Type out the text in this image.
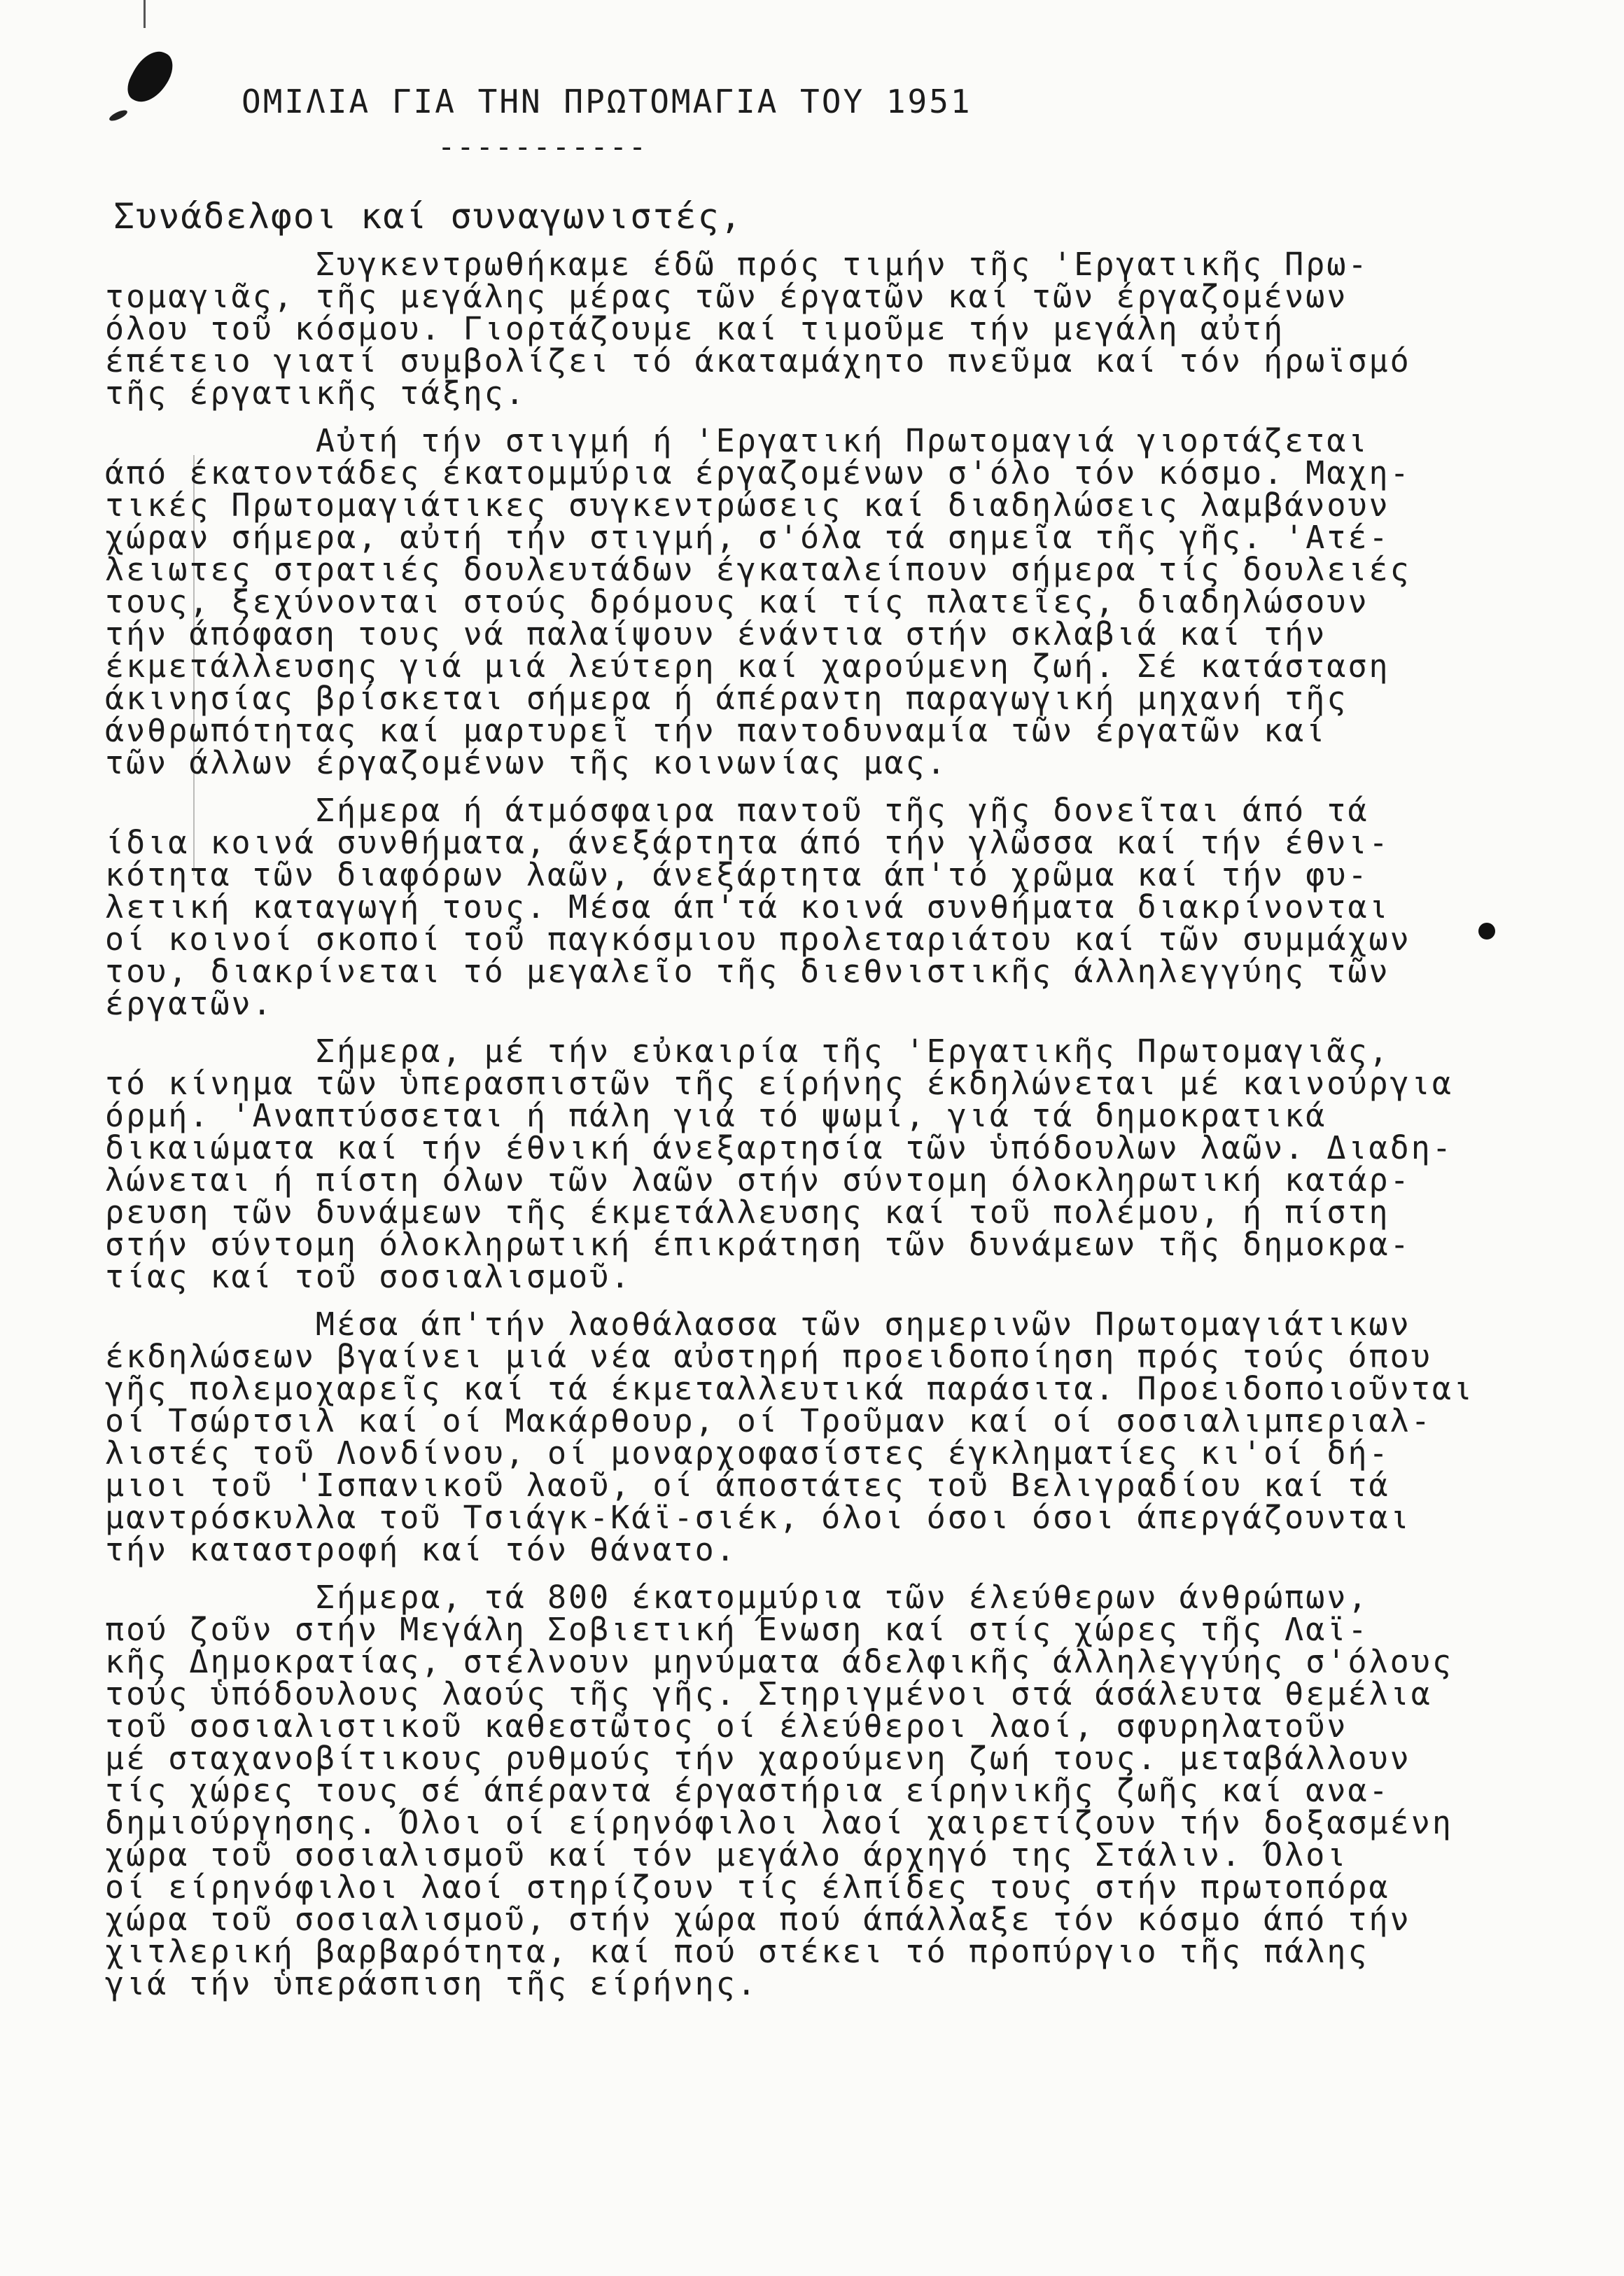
ΟΜΙΛΙΑ ΓΙΑ ΤΗΝ ΠΡΩΤΟΜΑΓΙΑ ΤΟΥ 1951
-----------
Συνάδελφοι καί συναγωνιστές,
Συγκεντρωθήκαμε έδῶ πρός τιμήν τῆς 'Εργατικῆς Πρω-
τομαγιᾶς, τῆς μεγάλης μέρας τῶν έργατῶν καί τῶν έργαζομένων
όλου τοῦ κόσμου. Γιορτάζουμε καί τιμοῦμε τήν μεγάλη αὐτή
έπέτειο γιατί συμβολίζει τό άκαταμάχητο πνεῦμα καί τόν ήρωϊσμό
τῆς έργατικῆς τάξης.
Αὐτή τήν στιγμή ή 'Εργατική Πρωτομαγιά γιορτάζεται
άπό έκατοντάδες έκατομμύρια έργαζομένων σ'όλο τόν κόσμο. Μαχη-
τικές Πρωτομαγιάτικες συγκεντρώσεις καί διαδηλώσεις λαμβάνουν
χώραν σήμερα, αὐτή τήν στιγμή, σ'όλα τά σημεῖα τῆς γῆς. 'Ατέ-
λειωτες στρατιές δουλευτάδων έγκαταλείπουν σήμερα τίς δουλειές
τους, ξεχύνονται στούς δρόμους καί τίς πλατεῖες, διαδηλώσουν
τήν άπόφαση τους νά παλαίψουν ένάντια στήν σκλαβιά καί τήν
έκμετάλλευσης γιά μιά λεύτερη καί χαρούμενη ζωή. Σέ κατάσταση
άκινησίας βρίσκεται σήμερα ή άπέραντη παραγωγική μηχανή τῆς
άνθρωπότητας καί μαρτυρεῖ τήν παντοδυναμία τῶν έργατῶν καί
τῶν άλλων έργαζομένων τῆς κοινωνίας μας.
Σήμερα ή άτμόσφαιρα παντοῦ τῆς γῆς δονεῖται άπό τά
ίδια κοινά συνθήματα, άνεξάρτητα άπό τήν γλῶσσα καί τήν έθνι-
κότητα τῶν διαφόρων λαῶν, άνεξάρτητα άπ'τό χρῶμα καί τήν φυ-
λετική καταγωγή τους. Μέσα άπ'τά κοινά συνθήματα διακρίνονται
οί κοινοί σκοποί τοῦ παγκόσμιου προλεταριάτου καί τῶν συμμάχων
του, διακρίνεται τό μεγαλεῖο τῆς διεθνιστικῆς άλληλεγγύης τῶν
έργατῶν.
Σήμερα, μέ τήν εὐκαιρία τῆς 'Εργατικῆς Πρωτομαγιᾶς,
τό κίνημα τῶν ὑπερασπιστῶν τῆς είρήνης έκδηλώνεται μέ καινούργια
όρμή. 'Αναπτύσσεται ή πάλη γιά τό ψωμί, γιά τά δημοκρατικά
δικαιώματα καί τήν έθνική άνεξαρτησία τῶν ὑπόδουλων λαῶν. Διαδη-
λώνεται ή πίστη όλων τῶν λαῶν στήν σύντομη όλοκληρωτική κατάρ-
ρευση τῶν δυνάμεων τῆς έκμετάλλευσης καί τοῦ πολέμου, ή πίστη
στήν σύντομη όλοκληρωτική έπικράτηση τῶν δυνάμεων τῆς δημοκρα-
τίας καί τοῦ σοσιαλισμοῦ.
Μέσα άπ'τήν λαοθάλασσα τῶν σημερινῶν Πρωτομαγιάτικων
έκδηλώσεων βγαίνει μιά νέα αὐστηρή προειδοποίηση πρός τούς όπου
γῆς πολεμοχαρεῖς καί τά έκμεταλλευτικά παράσιτα. Προειδοποιοῦνται
οί Τσώρτσιλ καί οί Μακάρθουρ, οί Τροῦμαν καί οί σοσιαλιμπεριαλ-
λιστές τοῦ Λονδίνου, οί μοναρχοφασίστες έγκληματίες κι'οί δή-
μιοι τοῦ 'Ισπανικοῦ λαοῦ, οί άποστάτες τοῦ Βελιγραδίου καί τά
μαντρόσκυλλα τοῦ Τσιάγκ-Κάϊ-σιέκ, όλοι όσοι όσοι άπεργάζουνται
τήν καταστροφή καί τόν θάνατο.
Σήμερα, τά 800 έκατομμύρια τῶν έλεύθερων άνθρώπων,
πού ζοῦν στήν Μεγάλη Σοβιετική Ένωση καί στίς χώρες τῆς Λαϊ-
κῆς Δημοκρατίας, στέλνουν μηνύματα άδελφικῆς άλληλεγγύης σ'όλους
τούς ὑπόδουλους λαούς τῆς γῆς. Στηριγμένοι στά άσάλευτα θεμέλια
τοῦ σοσιαλιστικοῦ καθεστῶτος οί έλεύθεροι λαοί, σφυρηλατοῦν
μέ σταχανοβίτικους ρυθμούς τήν χαρούμενη ζωή τους. μεταβάλλουν
τίς χώρες τους σέ άπέραντα έργαστήρια είρηνικῆς ζωῆς καί ανα-
δημιούργησης. Όλοι οί είρηνόφιλοι λαοί χαιρετίζουν τήν δοξασμένη
χώρα τοῦ σοσιαλισμοῦ καί τόν μεγάλο άρχηγό της Στάλιν. Όλοι
οί είρηνόφιλοι λαοί στηρίζουν τίς έλπίδες τους στήν πρωτοπόρα
χώρα τοῦ σοσιαλισμοῦ, στήν χώρα πού άπάλλαξε τόν κόσμο άπό τήν
χιτλερική βαρβαρότητα, καί πού στέκει τό προπύργιο τῆς πάλης
γιά τήν ὑπεράσπιση τῆς είρήνης.
